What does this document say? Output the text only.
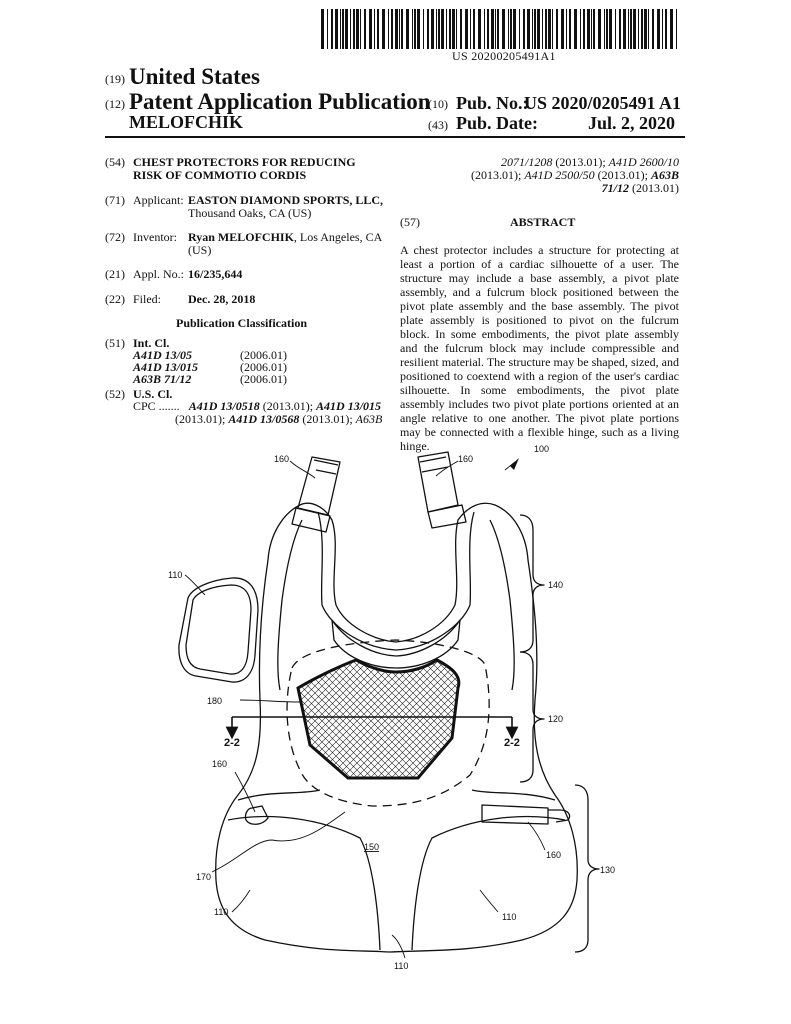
US 20200205491A1
(19) United States
(12) Patent Application Publication
MELOFCHIK
(10) Pub. No.:
US 2020/0205491 A1
(43) Pub. Date:	Jul. 2, 2020
(54) CHEST PROTECTORS FOR REDUCING
RISK OF COMMOTIO CORDIS
(71) Applicant: EASTON DIAMOND SPORTS, LLC,
Thousand Oaks, CA (US)
(72) Inventor: Ryan MELOFCHIK, Los Angeles, CA
(US)
(21) Appl. No.: 16/235,644
(22) Filed: Dec. 28, 2018
Publication Classification
(51) Int. Cl.
A41D 13/05	(2006.01)
A41D 13/015	(2006.01)
A63B 71/12	(2006.01)
(52) U.S. Cl.
CPC ....... A41D 13/0518 (2013.01); A41D 13/015
(2013.01); A41D 13/0568 (2013.01); A63B
2071/1208 (2013.01); A41D 2600/10
(2013.01); A41D 2500/50 (2013.01); A63B
71/12 (2013.01)
(57)	ABSTRACT
A chest protector includes a structure for protecting at least a portion of a cardiac silhouette of a user. The structure may include a base assembly, a pivot plate assembly, and a fulcrum block positioned between the pivot plate assembly and the base assembly. The pivot plate assembly is positioned to pivot on the fulcrum block. In some embodiments, the pivot plate assembly and the fulcrum block may include compressible and resilient material. The structure may be shaped, sized, and positioned to coextend with a region of the user's cardiac silhouette. In some embodiments, the pivot plate assembly includes two pivot plate portions oriented at an angle relative to one another. The pivot plate portions may be connected with a flexible hinge, such as a living hinge.
160	160
100
110
140
180
120
160
150
160
130
170
110	110
110
2-2	2-2
